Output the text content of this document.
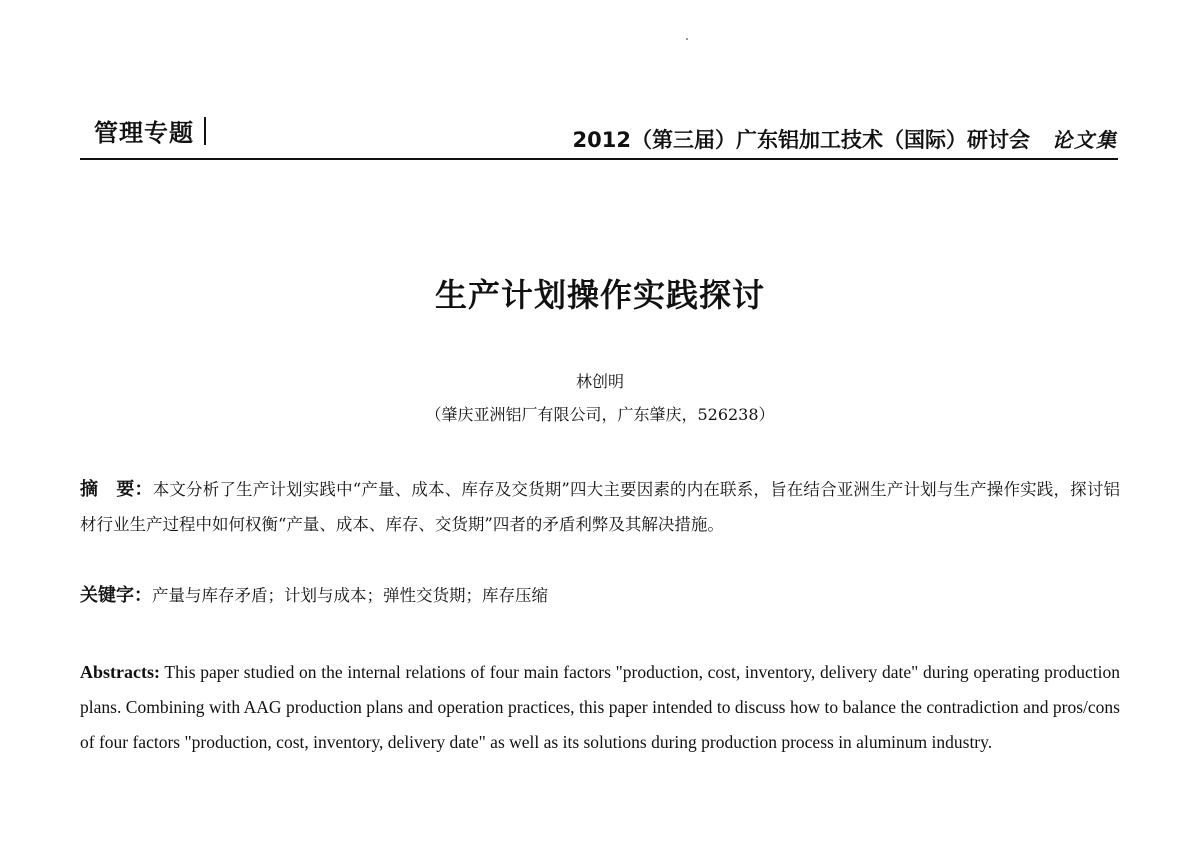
管理专题	2012（第三届）广东铝加工技术（国际）研讨会 论文集
生产计划操作实践探讨
林创明
（肇庆亚洲铝厂有限公司，广东肇庆，526238）
摘　要：本文分析了生产计划实践中“产量、成本、库存及交货期”四大主要因素的内在联系，旨在结合亚洲生产计划与生产操作实践，探讨铝材行业生产过程中如何权衡“产量、成本、库存、交货期”四者的矛盾利弊及其解决措施。
关键字：产量与库存矛盾；计划与成本；弹性交货期；库存压缩
Abstracts: This paper studied on the internal relations of four main factors "production, cost, inventory, delivery date" during operating production plans. Combining with AAG production plans and operation practices, this paper intended to discuss how to balance the contradiction and pros/cons of four factors "production, cost, inventory, delivery date" as well as its solutions during production process in aluminum industry.
